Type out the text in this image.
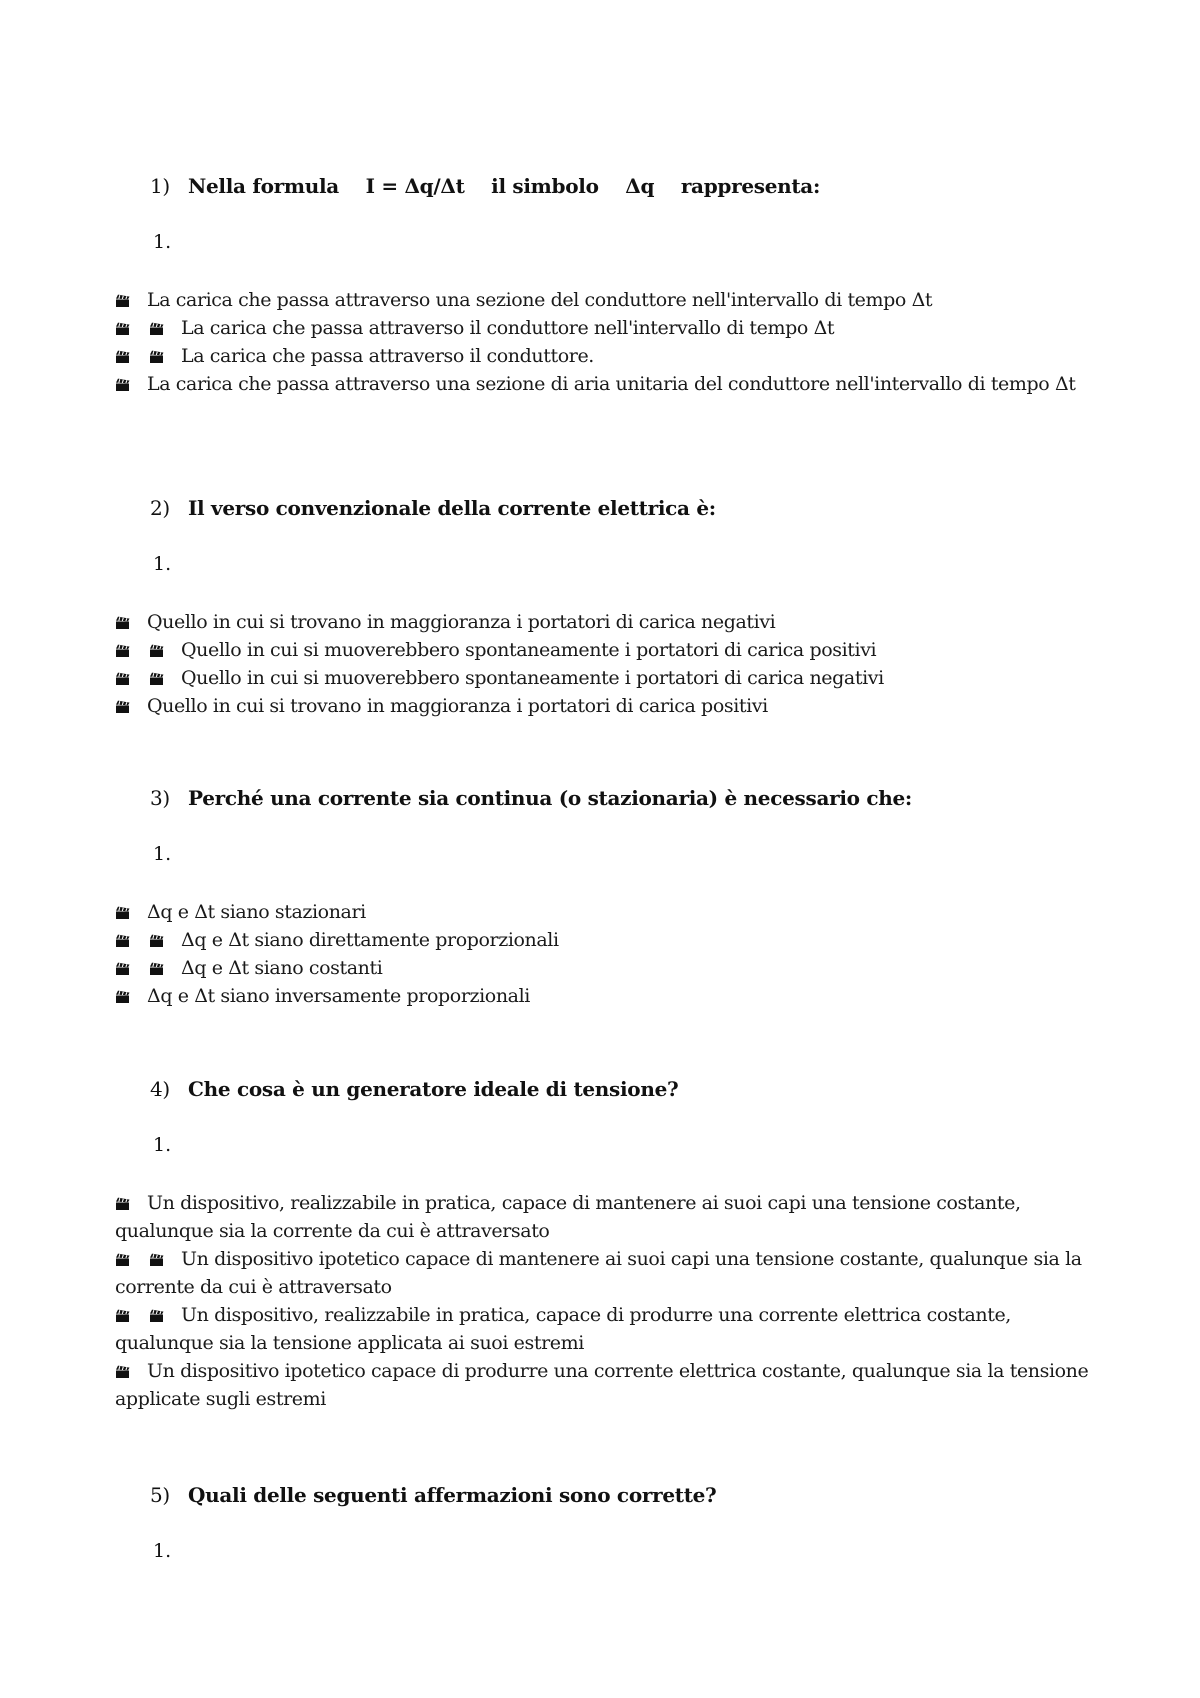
1) Nella formula    I = Δq/Δt    il simbolo    Δq    rappresenta:
1.
La carica che passa attraverso una sezione del conduttore nell'intervallo di tempo Δt
La carica che passa attraverso il conduttore nell'intervallo di tempo Δt
La carica che passa attraverso il conduttore.
La carica che passa attraverso una sezione di aria unitaria del conduttore nell'intervallo di tempo Δt
2) Il verso convenzionale della corrente elettrica è:
1.
Quello in cui si trovano in maggioranza i portatori di carica negativi
Quello in cui si muoverebbero spontaneamente i portatori di carica positivi
Quello in cui si muoverebbero spontaneamente i portatori di carica negativi
Quello in cui si trovano in maggioranza i portatori di carica positivi
3) Perché una corrente sia continua (o stazionaria) è necessario che:
1.
Δq e Δt siano stazionari
Δq e Δt siano direttamente proporzionali
Δq e Δt siano costanti
Δq e Δt siano inversamente proporzionali
4) Che cosa è un generatore ideale di tensione?
1.
Un dispositivo, realizzabile in pratica, capace di mantenere ai suoi capi una tensione costante, qualunque sia la corrente da cui è attraversato
Un dispositivo ipotetico capace di mantenere ai suoi capi una tensione costante, qualunque sia la corrente da cui è attraversato
Un dispositivo, realizzabile in pratica, capace di produrre una corrente elettrica costante, qualunque sia la tensione applicata ai suoi estremi
Un dispositivo ipotetico capace di produrre una corrente elettrica costante, qualunque sia la tensione applicate sugli estremi
5) Quali delle seguenti affermazioni sono corrette?
1.
